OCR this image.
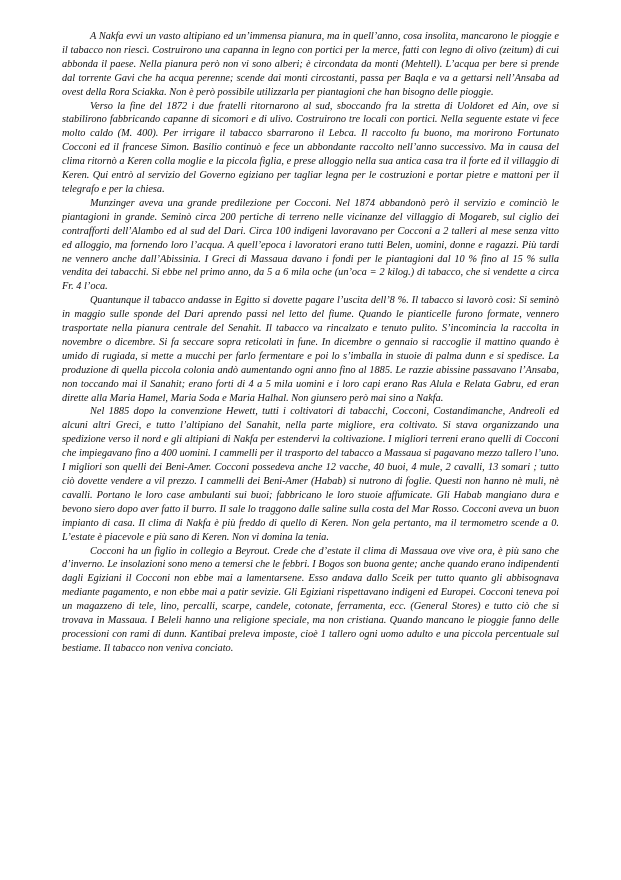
A Nakfa evvi un vasto altipiano ed un’immensa pianura, ma in quell’anno, cosa insolita, mancarono le pioggie e il tabacco non riescì. Costruirono una capanna in legno con portici per la merce, fatti con legno di olivo (zeitum) di cui abbonda il paese. Nella pianura però non vi sono alberi; è circondata da monti (Mehtell). L’acqua per bere si prende dal torrente Gavi che ha acqua perenne; scende dai monti circostanti, passa per Baqla e va a gettarsi nell’Ansaba ad ovest della Rora Sciakka. Non è però possibile utilizzarla per piantagioni che han bisogno delle pioggie.

Verso la fine del 1872 i due fratelli ritornarono al sud, sboccando fra la stretta di Uoldoret ed Ain, ove si stabilirono fabbricando capanne di sicomori e di ulivo. Costruirono tre locali con portici. Nella seguente estate vi fece molto caldo (M. 400). Per irrigare il tabacco sbarrarono il Lebca. Il raccolto fu buono, ma morirono Fortunato Cocconi ed il francese Simon. Basilio continuò e fece un abbondante raccolto nell’anno successivo. Ma in causa del clima ritornò a Keren colla moglie e la piccola figlia, e prese alloggio nella sua antica casa tra il forte ed il villaggio di Keren. Qui entrò al servizio del Governo egiziano per tagliar legna per le costruzioni e portar pietre e mattoni per il telegrafo e per la chiesa.

Munzinger aveva una grande predilezione per Cocconi. Nel 1874 abbandonò però il servizio e cominciò le piantagioni in grande. Seminò circa 200 pertiche di terreno nelle vicinanze del villaggio di Mogareb, sul ciglio dei contrafforti dell’Alambo ed al sud del Dari. Circa 100 indigeni lavoravano per Cocconi a 2 talleri al mese senza vitto ed alloggio, ma fornendo loro l’acqua. A quell’epoca i lavoratori erano tutti Belen, uomini, donne e ragazzi. Più tardi ne vennero anche dall’Abissinia. I Greci di Massaua davano i fondi per le piantagioni dal 10 % fino al 15 % sulla vendita dei tabacchi. Si ebbe nel primo anno, da 5 a 6 mila oche (un’oca = 2 kilog.) di tabacco, che si vendette a circa Fr. 4 l’oca.

Quantunque il tabacco andasse in Egitto si dovette pagare l’uscita dell’8 %. Il tabacco si lavorò così: Si seminò in maggio sulle sponde del Dari aprendo passi nel letto del fiume. Quando le pianticelle furono formate, vennero trasportate nella pianura centrale del Senahit. Il tabacco va rincalzato e tenuto pulito. S’incomincia la raccolta in novembre o dicembre. Si fa seccare sopra reticolati in fune. In dicembre o gennaio si raccoglie il mattino quando è umido di rugiada, si mette a mucchi per farlo fermentare e poi lo s’imballa in stuoie di palma dunn e si spedisce. La produzione di quella piccola colonia andò aumentando ogni anno fino al 1885. Le razzie abissine passavano l’Ansaba, non toccando mai il Sanahit; erano forti di 4 a 5 mila uomini e i loro capi erano Ras Alula e Relata Gabru, ed eran dirette alla Maria Hamel, Maria Soda e Maria Halhal. Non giunsero però mai sino a Nakfa.

Nel 1885 dopo la convenzione Hewett, tutti i coltivatori di tabacchi, Cocconi, Costandimanche, Andreoli ed alcuni altri Greci, e tutto l’altipiano del Sanahit, nella parte migliore, era coltivato. Si stava organizzando una spedizione verso il nord e gli altipiani di Nakfa per estendervi la coltivazione. I migliori terreni erano quelli di Cocconi che impiegavano fino a 400 uomini. I cammelli per il trasporto del tabacco a Massaua si pagavano mezzo tallero l’uno. I migliori son quelli dei Beni-Amer. Cocconi possedeva anche 12 vacche, 40 buoi, 4 mule, 2 cavalli, 13 somari ; tutto ciò dovette vendere a vil prezzo. I cammelli dei Beni-Amer (Habab) si nutrono di foglie. Questi non hanno nè muli, nè cavalli. Portano le loro case ambulanti sui buoi; fabbricano le loro stuoie affumicate. Gli Habab mangiano dura e bevono siero dopo aver fatto il burro. Il sale lo traggono dalle saline sulla costa del Mar Rosso. Cocconi aveva un buon impianto di casa. Il clima di Nakfa è più freddo di quello di Keren. Non gela pertanto, ma il termometro scende a 0. L’estate è piacevole e più sano di Keren. Non vi domina la tenia.

Cocconi ha un figlio in collegio a Beyrout. Crede che d’estate il clima di Massaua ove vive ora, è più sano che d’inverno. Le insolazioni sono meno a temersi che le febbri. I Bogos son buona gente; anche quando erano indipendenti dagli Egiziani il Cocconi non ebbe mai a lamentarsene. Esso andava dallo Sceik per tutto quanto gli abbisognava mediante pagamento, e non ebbe mai a patir sevizie. Gli Egiziani rispettavano indigeni ed Europei. Cocconi teneva poi un magazzeno di tele, lino, percalli, scarpe, candele, cotonate, ferramenta, ecc. (General Stores) e tutto ciò che si trovava in Massaua. I Beleli hanno una religione speciale, ma non cristiana. Quando mancano le pioggie fanno delle processioni con rami di dunn. Kantibai preleva imposte, cioè 1 tallero ogni uomo adulto e una piccola percentuale sul bestiame. Il tabacco non veniva conciato.
